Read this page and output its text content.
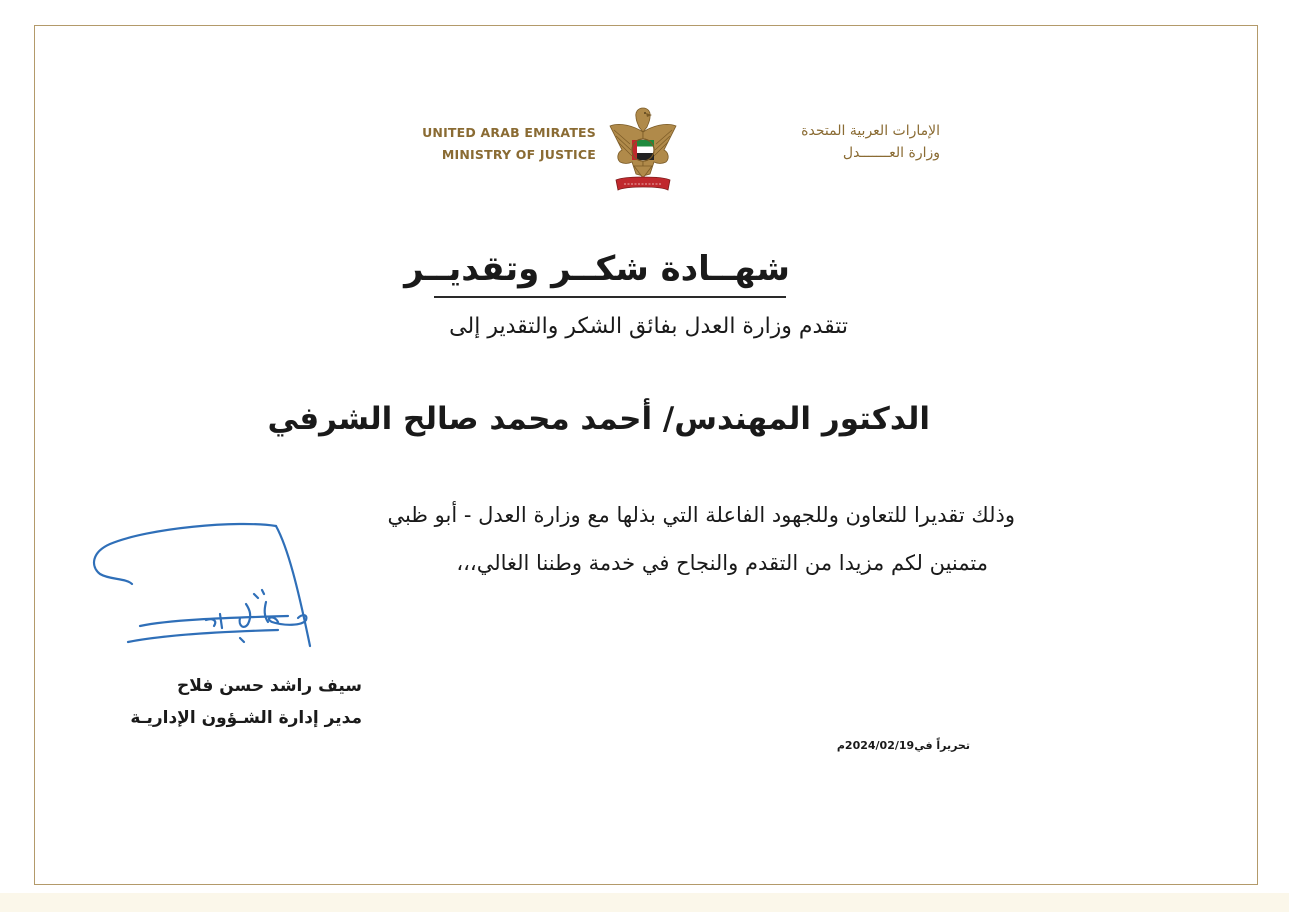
UNITED ARAB EMIRATES
MINISTRY OF JUSTICE
الإمارات العربية المتحدة
وزارة العـــــــدل
شهــادة شكــر وتقديــر
تتقدم وزارة العدل بفائق الشكر والتقدير إلى
الدكتور المهندس/ أحمد محمد صالح الشرفي
وذلك تقديرا للتعاون وللجهود الفاعلة التي بذلها مع وزارة العدل - أبو ظبي
متمنين لكم مزيدا من التقدم والنجاح في خدمة وطننا الغالي،،،
سيف راشد حسن فلاح
مدير إدارة الشـؤون الإداريـة
تحريراً في2024/02/19م
